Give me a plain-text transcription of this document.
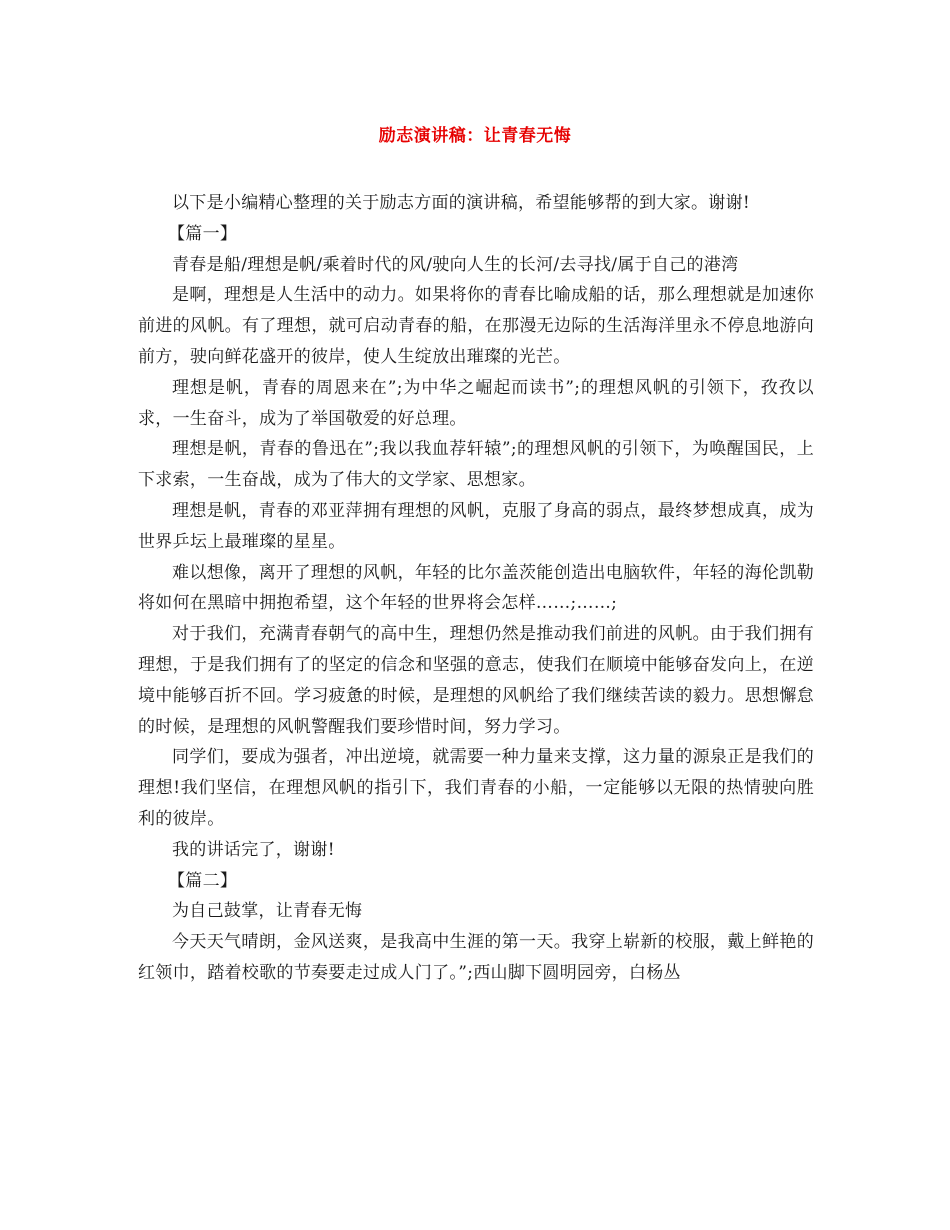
励志演讲稿：让青春无悔

以下是小编精心整理的关于励志方面的演讲稿，希望能够帮的到大家。谢谢!

【篇一】

青春是船/理想是帆/乘着时代的风/驶向人生的长河/去寻找/属于自己的港湾

是啊，理想是人生活中的动力。如果将你的青春比喻成船的话，那么理想就是加速你前进的风帆。有了理想，就可启动青春的船，在那漫无边际的生活海洋里永不停息地游向前方，驶向鲜花盛开的彼岸，使人生绽放出璀璨的光芒。

理想是帆，青春的周恩来在”;为中华之崛起而读书”;的理想风帆的引领下，孜孜以求，一生奋斗，成为了举国敬爱的好总理。

理想是帆，青春的鲁迅在”;我以我血荐轩辕”;的理想风帆的引领下，为唤醒国民，上下求索，一生奋战，成为了伟大的文学家、思想家。

理想是帆，青春的邓亚萍拥有理想的风帆，克服了身高的弱点，最终梦想成真，成为世界乒坛上最璀璨的星星。

难以想像，离开了理想的风帆，年轻的比尔盖茨能创造出电脑软件，年轻的海伦凯勒将如何在黑暗中拥抱希望，这个年轻的世界将会怎样……;……;

对于我们，充满青春朝气的高中生，理想仍然是推动我们前进的风帆。由于我们拥有理想，于是我们拥有了的坚定的信念和坚强的意志，使我们在顺境中能够奋发向上，在逆境中能够百折不回。学习疲惫的时候，是理想的风帆给了我们继续苦读的毅力。思想懈怠的时候，是理想的风帆警醒我们要珍惜时间，努力学习。

同学们，要成为强者，冲出逆境，就需要一种力量来支撑，这力量的源泉正是我们的理想!我们坚信，在理想风帆的指引下，我们青春的小船，一定能够以无限的热情驶向胜利的彼岸。

我的讲话完了，谢谢!

【篇二】

为自己鼓掌，让青春无悔

今天天气晴朗，金风送爽，是我高中生涯的第一天。我穿上崭新的校服，戴上鲜艳的红领巾，踏着校歌的节奏要走过成人门了。”;西山脚下圆明园旁，白杨丛
